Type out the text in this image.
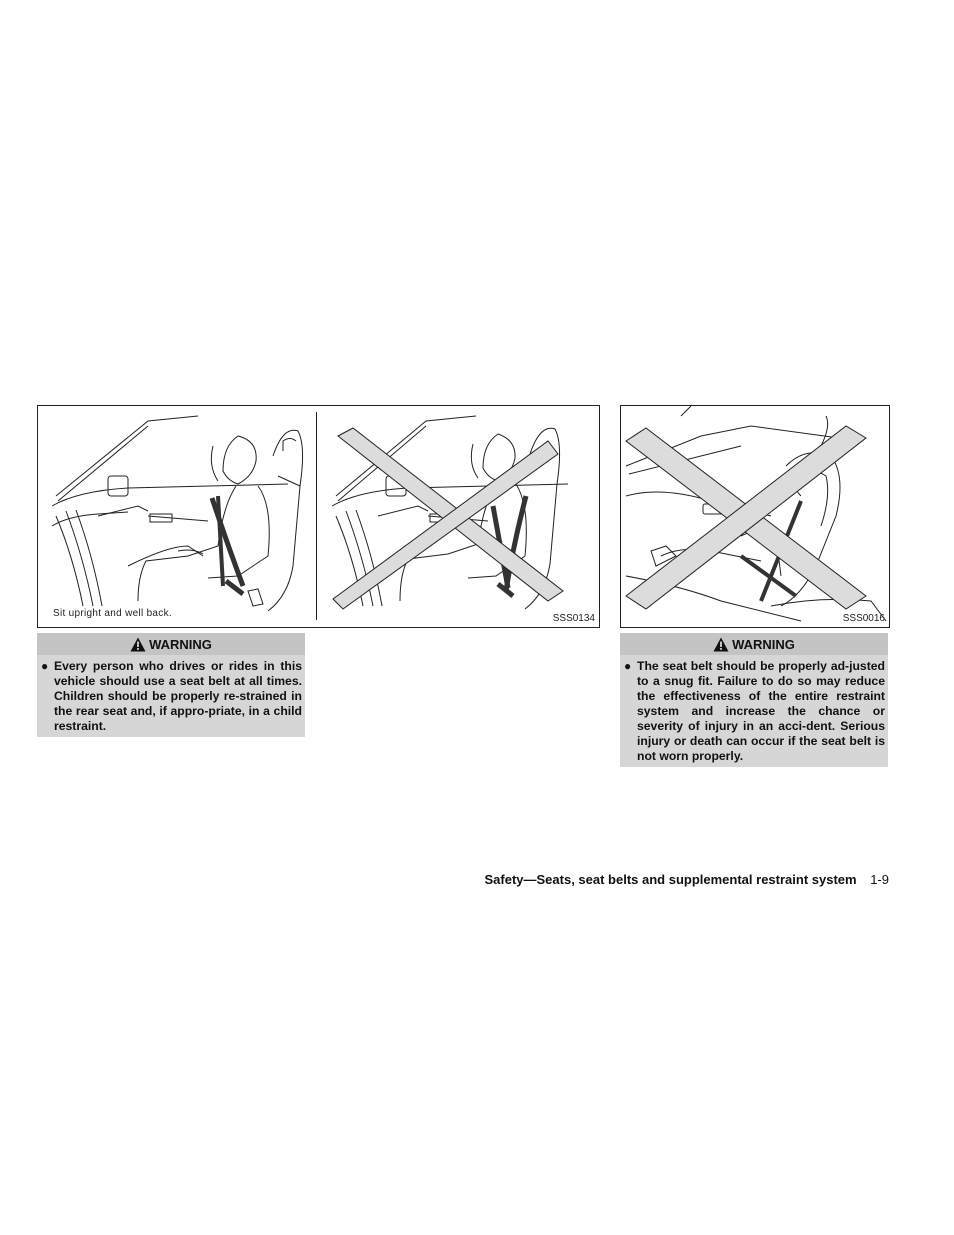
Sit upright and well back.	SSS0134	SSS0016
WARNING
● Every person who drives or rides in this vehicle should use a seat belt at all times. Children should be properly re-strained in the rear seat and, if appro-priate, in a child restraint.
WARNING
● The seat belt should be properly ad-justed to a snug fit. Failure to do so may reduce the effectiveness of the entire restraint system and increase the chance or severity of injury in an acci-dent. Serious injury or death can occur if the seat belt is not worn properly.
Safety—Seats, seat belts and supplemental restraint system 1-9
